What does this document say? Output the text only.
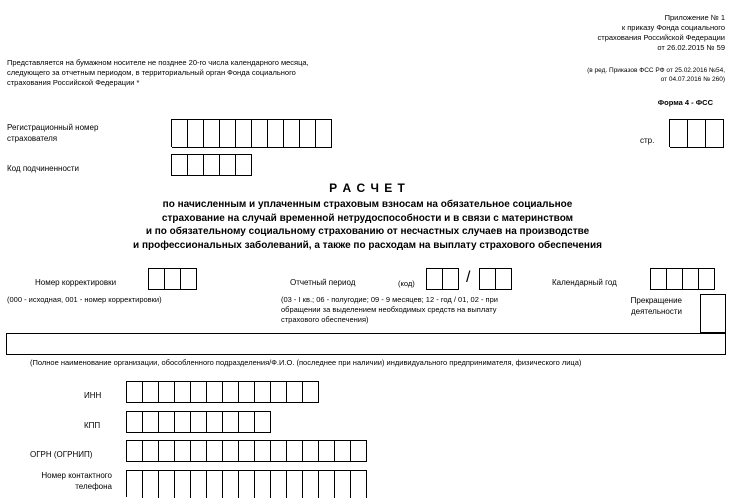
Приложение № 1
к приказу Фонда социального
страхования Российской Федерации
от 26.02.2015 № 59
(в ред. Приказов ФСС РФ от 25.02.2016 №54,
от 04.07.2016 № 260)
Форма 4 - ФСС
Представляется на бумажном носителе не позднее 20-го числа календарного месяца,
следующего за отчетным периодом, в территориальный орган Фонда социального
страхования Российской Федерации *
Регистрационный номер
страхователя	стр.
Код подчиненности
Р А С Ч Е Т
по начисленным и уплаченным страховым взносам на обязательное социальное
страхование на случай временной нетрудоспособности и в связи с материнством
и по обязательному социальному страхованию от несчастных случаев на производстве
и профессиональных заболеваний, а также по расходам на выплату страхового обеспечения
Номер корректировки
(000 - исходная, 001 - номер корректировки)
Отчетный период	(код)	/
(03 - I кв.; 06 - полугодие; 09 - 9 месяцев; 12 - год / 01, 02 - при
обращении за выделением необходимых средств на выплату
страхового обеспечения)
Календарный год
Прекращение
деятельности
(Полное наименование организации, обособленного подразделения/Ф.И.О. (последнее при наличии) индивидуального предпринимателя, физического лица)
ИНН
КПП
ОГРН (ОГРНИП)
Номер контактного
телефона
